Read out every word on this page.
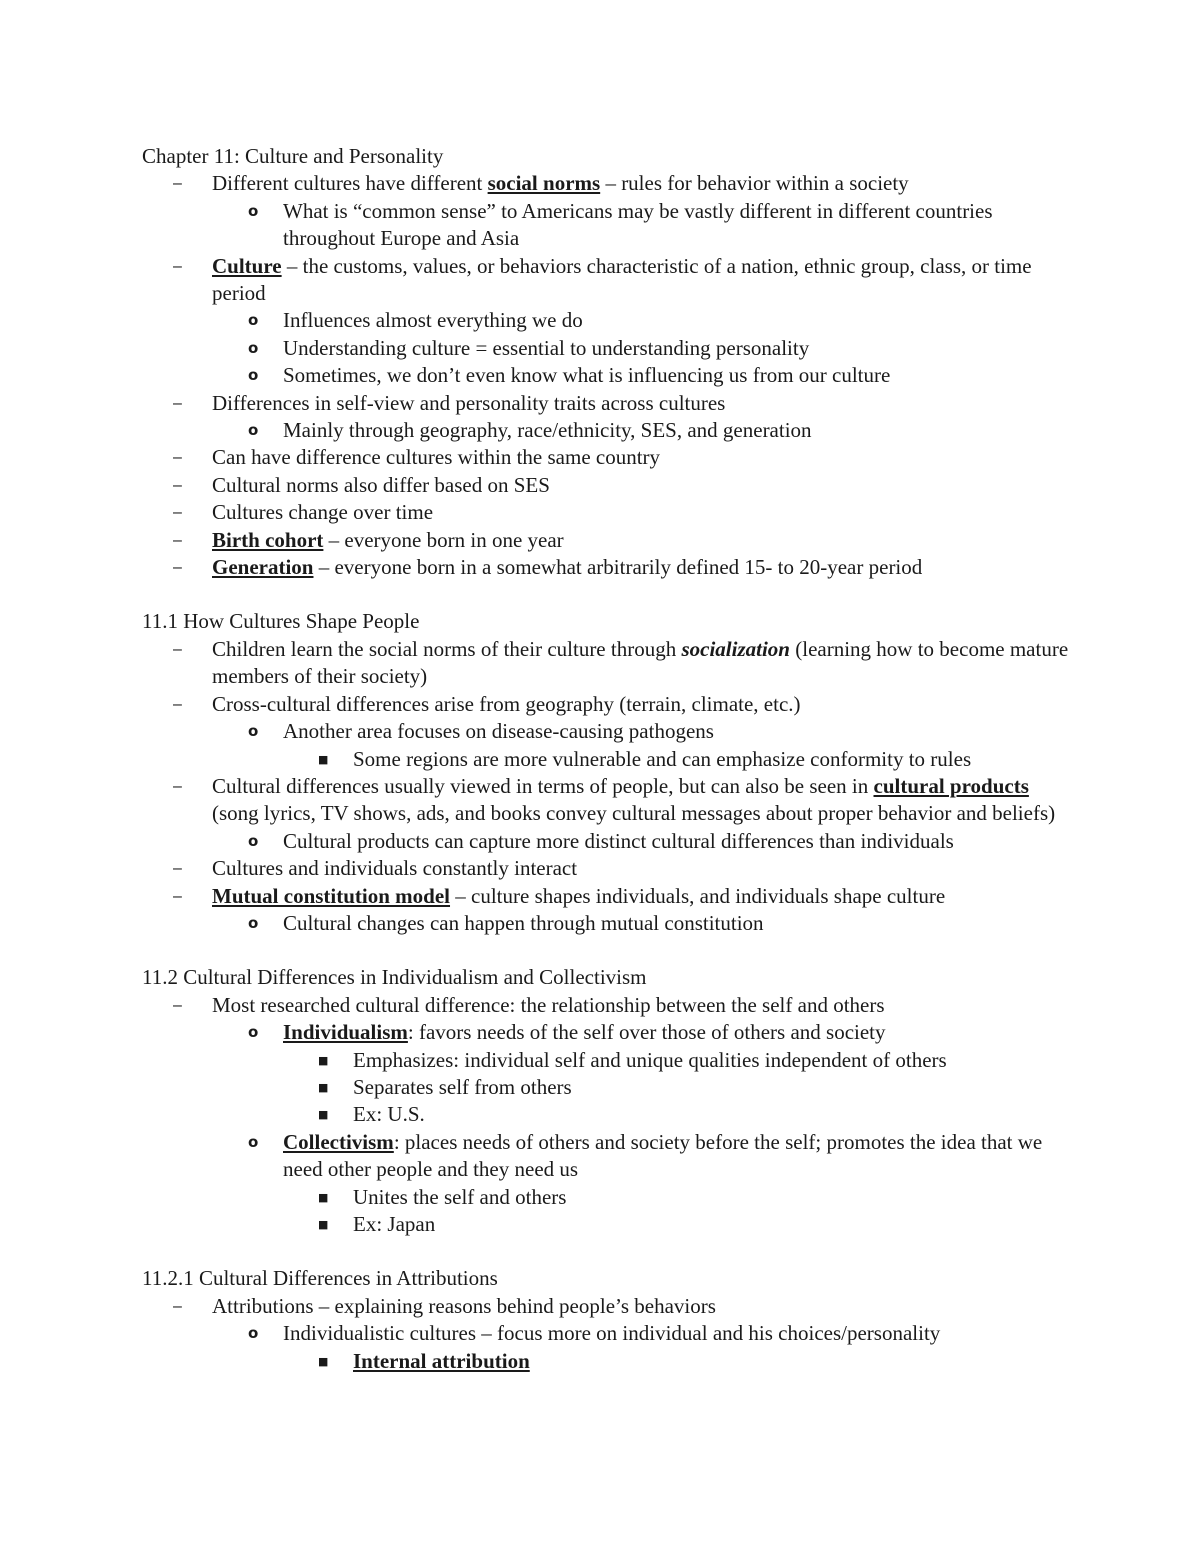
Chapter 11: Culture and Personality
– Different cultures have different social norms – rules for behavior within a society
o What is “common sense” to Americans may be vastly different in different countries throughout Europe and Asia
– Culture – the customs, values, or behaviors characteristic of a nation, ethnic group, class, or time period
o Influences almost everything we do
o Understanding culture = essential to understanding personality
o Sometimes, we don’t even know what is influencing us from our culture
– Differences in self-view and personality traits across cultures
o Mainly through geography, race/ethnicity, SES, and generation
– Can have difference cultures within the same country
– Cultural norms also differ based on SES
– Cultures change over time
– Birth cohort – everyone born in one year
– Generation – everyone born in a somewhat arbitrarily defined 15- to 20-year period
11.1 How Cultures Shape People
– Children learn the social norms of their culture through socialization (learning how to become mature members of their society)
– Cross-cultural differences arise from geography (terrain, climate, etc.)
o Another area focuses on disease-causing pathogens
■ Some regions are more vulnerable and can emphasize conformity to rules
– Cultural differences usually viewed in terms of people, but can also be seen in cultural products (song lyrics, TV shows, ads, and books convey cultural messages about proper behavior and beliefs)
o Cultural products can capture more distinct cultural differences than individuals
– Cultures and individuals constantly interact
– Mutual constitution model – culture shapes individuals, and individuals shape culture
o Cultural changes can happen through mutual constitution
11.2 Cultural Differences in Individualism and Collectivism
– Most researched cultural difference: the relationship between the self and others
o Individualism: favors needs of the self over those of others and society
■ Emphasizes: individual self and unique qualities independent of others
■ Separates self from others
■ Ex: U.S.
o Collectivism: places needs of others and society before the self; promotes the idea that we need other people and they need us
■ Unites the self and others
■ Ex: Japan
11.2.1 Cultural Differences in Attributions
– Attributions – explaining reasons behind people’s behaviors
o Individualistic cultures – focus more on individual and his choices/personality
■ Internal attribution
